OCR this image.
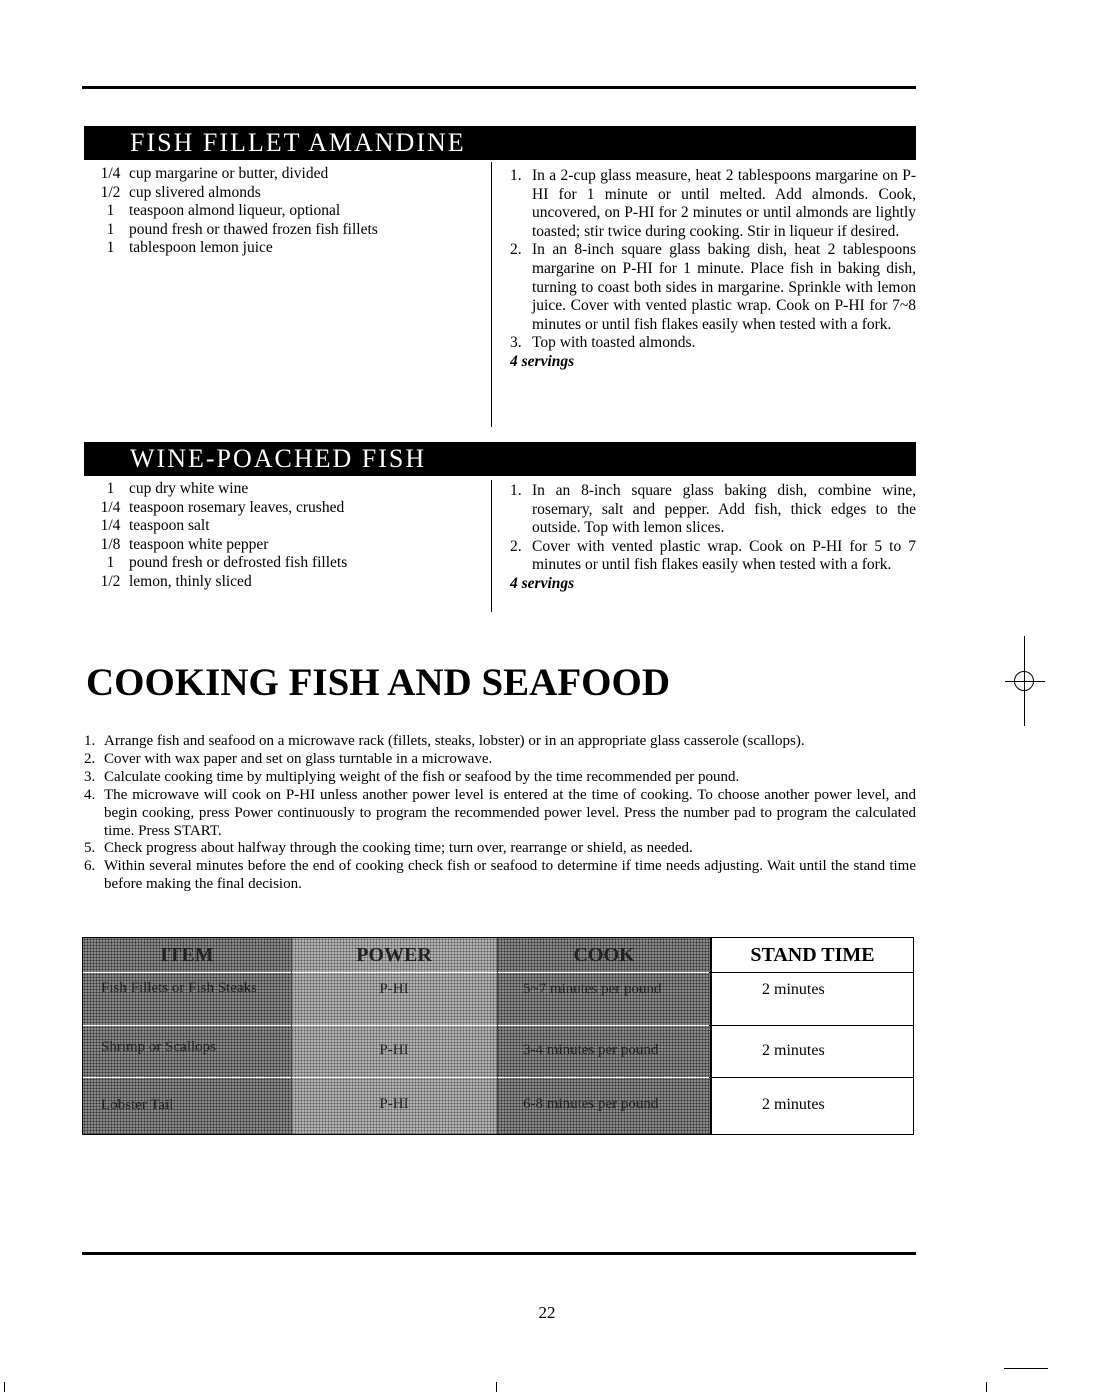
FISH FILLET AMANDINE
1/4 cup margarine or butter, divided
1/2 cup slivered almonds
1 teaspoon almond liqueur, optional
1 pound fresh or thawed frozen fish fillets
1 tablespoon lemon juice
1. In a 2-cup glass measure, heat 2 tablespoons margarine on P-HI for 1 minute or until melted. Add almonds. Cook, uncovered, on P-HI for 2 minutes or until almonds are lightly toasted; stir twice during cooking. Stir in liqueur if desired.
2. In an 8-inch square glass baking dish, heat 2 tablespoons margarine on P-HI for 1 minute. Place fish in baking dish, turning to coast both sides in margarine. Sprinkle with lemon juice. Cover with vented plastic wrap. Cook on P-HI for 7~8 minutes or until fish flakes easily when tested with a fork.
3. Top with toasted almonds.
4 servings
WINE-POACHED FISH
1 cup dry white wine
1/4 teaspoon rosemary leaves, crushed
1/4 teaspoon salt
1/8 teaspoon white pepper
1 pound fresh or defrosted fish fillets
1/2 lemon, thinly sliced
1. In an 8-inch square glass baking dish, combine wine, rosemary, salt and pepper. Add fish, thick edges to the outside. Top with lemon slices.
2. Cover with vented plastic wrap. Cook on P-HI for 5 to 7 minutes or until fish flakes easily when tested with a fork.
4 servings
COOKING FISH AND SEAFOOD
1. Arrange fish and seafood on a microwave rack (fillets, steaks, lobster) or in an appropriate glass casserole (scallops).
2. Cover with wax paper and set on glass turntable in a microwave.
3. Calculate cooking time by multiplying weight of the fish or seafood by the time recommended per pound.
4. The microwave will cook on P-HI unless another power level is entered at the time of cooking. To choose another power level, and begin cooking, press Power continuously to program the recommended power level. Press the number pad to program the calculated time. Press START.
5. Check progress about halfway through the cooking time; turn over, rearrange or shield, as needed.
6. Within several minutes before the end of cooking check fish or seafood to determine if time needs adjusting. Wait until the stand time before making the final decision.
ITEM	POWER	COOK	STAND TIME
Fish Fillets or Fish Steaks	P-HI	5~7 minutes per pound	2 minutes
Shrimp or Scallops	P-HI	3-4 minutes per pound	2 minutes
Lobster Tail	P-HI	6-8 minutes per pound	2 minutes
22
